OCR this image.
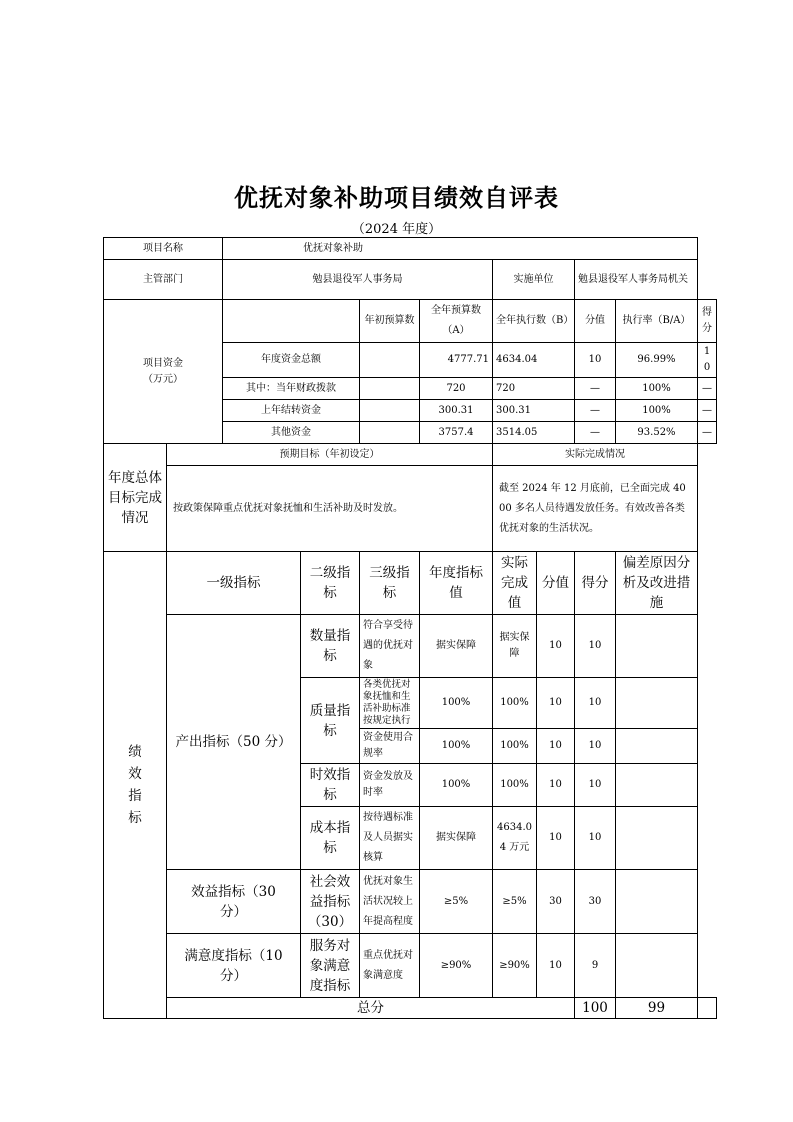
优抚对象补助项目绩效自评表
（2024 年度）
项目名称		优抚对象补助								
主管部门		勉县退役军人事务局				实施单位		勉县退役军人事务局机关		

项目资金
（万元）				年初预算数	全年预算数（A）	全年执行数（B）		分值	执行率（B/A）	得分
		年度资金总额			4777.71	4634.04		10	96.99%	10
		其中：当年财政拨款			720	720		—	100%	—
		上年结转资金			300.31	300.31		—	100%	—
		其他资金			3757.4	3514.05		—	93.52%	—
年度总体目标完成情况	预期目标（年初设定）					实际完成情况				
	按政策保障重点优抚对象抚恤和生活补助及时发放。					截至 2024 年 12 月底前，已全面完成 4000 多名人员待遇发放任务。有效改善各类优抚对象的生活状况。				
绩效指标	一级指标		二级指标	三级指标	年度指标值	实际完成值	分值	得分	偏差原因分析及改进措施	
	产出指标（50 分）		数量指标	符合享受待遇的优抚对象	据实保障	据实保障	10	10		
			质量指标	各类优抚对象抚恤和生活补助标准按规定执行	100%	100%	10	10		
				资金使用合规率	100%	100%	10	10		
			时效指标	资金发放及时率	100%	100%	10	10		
			成本指标	按待遇标准及人员据实核算	据实保障	4634.04 万元	10	10		
	效益指标（30 分）		社会效益指标（30）	优抚对象生活状况较上年提高程度	≥5%	≥5%	30	30		
	满意度指标（10 分）		服务对象满意度指标	重点优抚对象满意度	≥90%	≥90%	10	9		
	总分							100	99	
